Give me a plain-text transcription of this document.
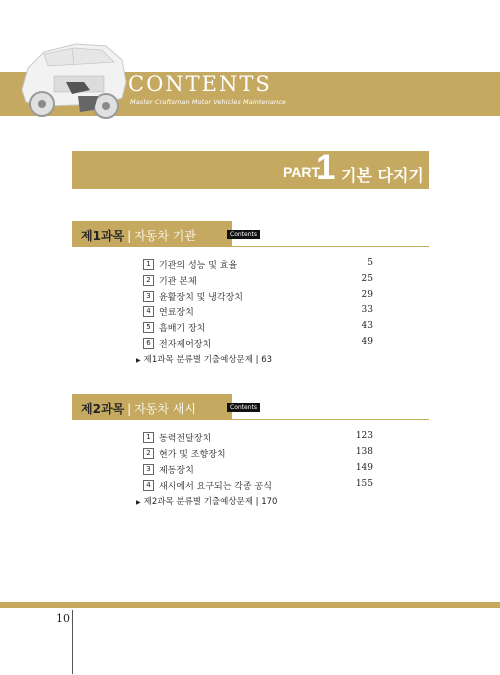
CONTENTS
Master Craftsman Motor Vehicles Maintenance
PART
1 기본 다지기
제1과목 | 자동차 기관	Contents
1 기관의 성능 및 효율	5
2 기관 본체	25
3 윤활장치 및 냉각장치	29
4 연료장치	33
5 흡배기 장치	43
6 전자제어장치	49
▶ 제1과목 분류별 기출예상문제 | 63
제2과목 | 자동차 새시	Contents
1 동력전달장치	123
2 현가 및 조향장치	138
3 제동장치	149
4 새시에서 요구되는 각종 공식	155
▶ 제2과목 분류별 기출예상문제 | 170
10
